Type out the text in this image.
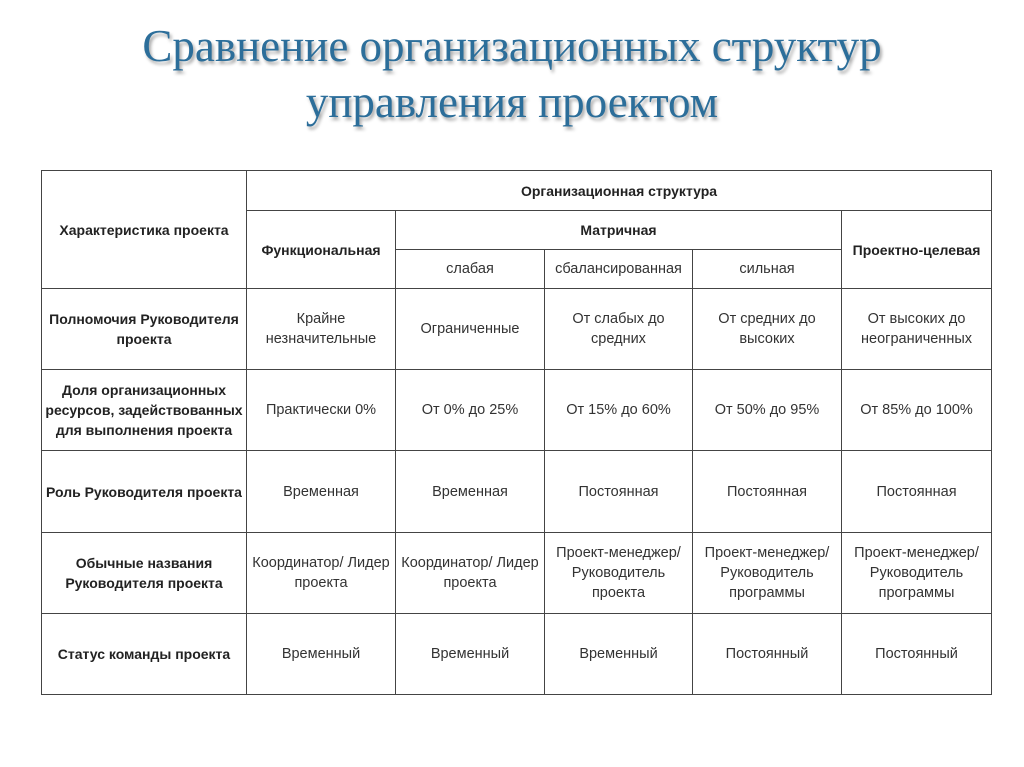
Сравнение организационных структур
управления проектом
Характеристика проекта	Организационная структура				
	Функциональная	Матричная			Проектно-целевая
		слабая	сбалансированная	сильная	
Полномочия Руководителя проекта	Крайне незначительные	Ограниченные	От слабых до средних	От средних до высоких	От высоких до неограниченных
Доля организационных ресурсов, задействованных для выполнения проекта	Практически 0%	От 0% до 25%	От 15% до 60%	От 50% до 95%	От 85% до 100%
Роль Руководителя проекта	Временная	Временная	Постоянная	Постоянная	Постоянная
Обычные названия Руководителя проекта	Координатор/ Лидер проекта	Координатор/ Лидер проекта	Проект-менеджер/ Руководитель проекта	Проект-менеджер/ Руководитель программы	Проект-менеджер/ Руководитель программы
Статус команды проекта	Временный	Временный	Временный	Постоянный	Постоянный
